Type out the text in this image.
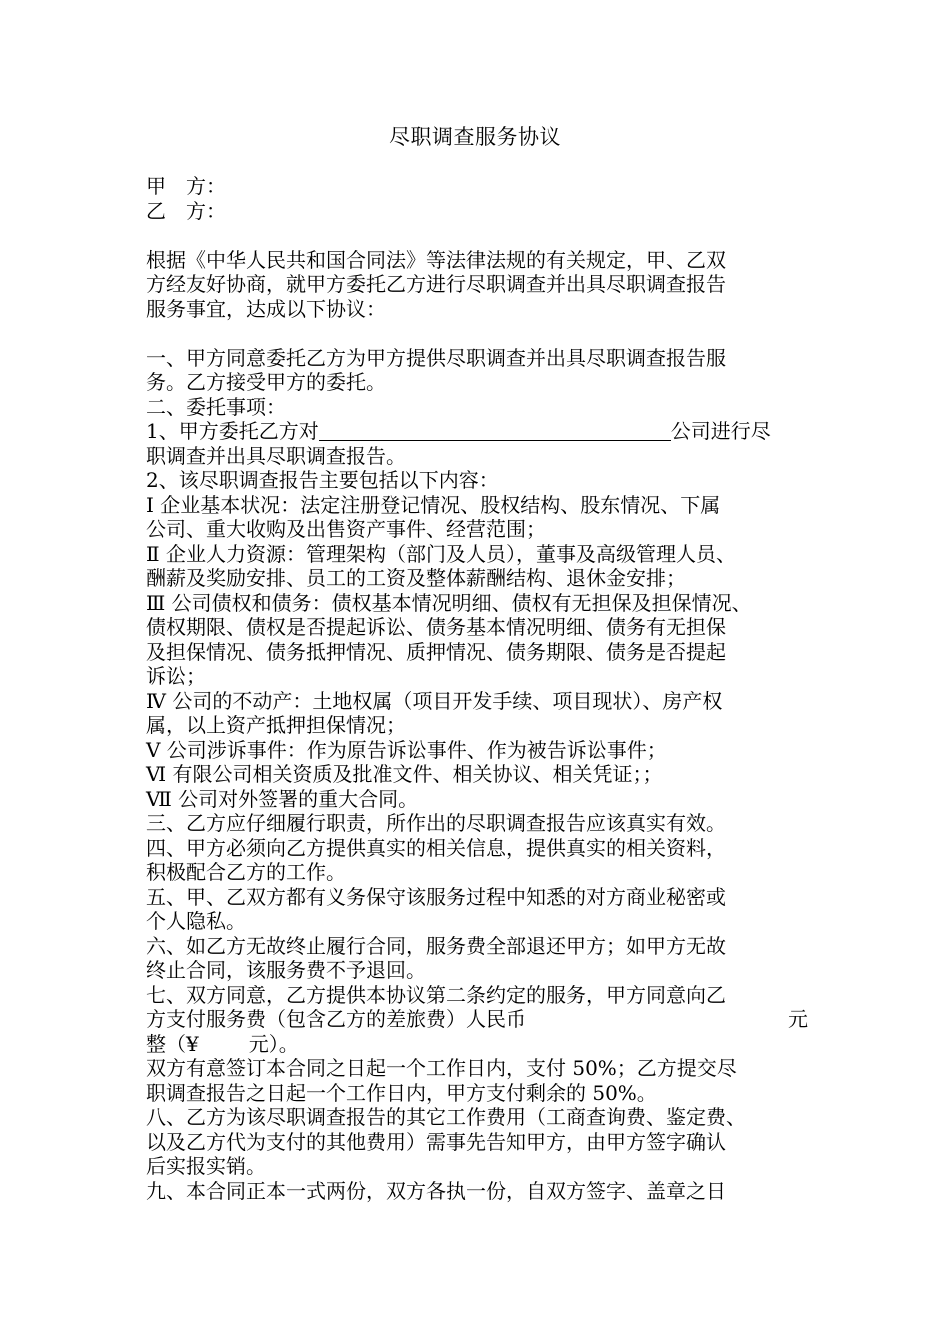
尽职调查服务协议
甲　方：
乙　方：
根据《中华人民共和国合同法》等法律法规的有关规定，甲、乙双
方经友好协商，就甲方委托乙方进行尽职调查并出具尽职调查报告
服务事宜，达成以下协议：
一、甲方同意委托乙方为甲方提供尽职调查并出具尽职调查报告服
务。乙方接受甲方的委托。
二、委托事项：
1、甲方委托乙方对	公司进行尽
职调查并出具尽职调查报告。
2、该尽职调查报告主要包括以下内容：
Ⅰ 企业基本状况：法定注册登记情况、股权结构、股东情况、下属
公司、重大收购及出售资产事件、经营范围；
Ⅱ 企业人力资源：管理架构（部门及人员），董事及高级管理人员、
酬薪及奖励安排、员工的工资及整体薪酬结构、退休金安排；
Ⅲ 公司债权和债务：债权基本情况明细、债权有无担保及担保情况、
债权期限、债权是否提起诉讼、债务基本情况明细、债务有无担保
及担保情况、债务抵押情况、质押情况、债务期限、债务是否提起
诉讼；
Ⅳ 公司的不动产：土地权属（项目开发手续、项目现状）、房产权
属，以上资产抵押担保情况；
Ⅴ 公司涉诉事件：作为原告诉讼事件、作为被告诉讼事件；
Ⅵ 有限公司相关资质及批准文件、相关协议、相关凭证；；
Ⅶ 公司对外签署的重大合同。
三、乙方应仔细履行职责，所作出的尽职调查报告应该真实有效。
四、甲方必须向乙方提供真实的相关信息，提供真实的相关资料，
积极配合乙方的工作。
五、甲、乙双方都有义务保守该服务过程中知悉的对方商业秘密或
个人隐私。
六、如乙方无故终止履行合同，服务费全部退还甲方；如甲方无故
终止合同，该服务费不予退回。
七、双方同意，乙方提供本协议第二条约定的服务，甲方同意向乙
方支付服务费（包含乙方的差旅费）人民币	元
整（¥	元）。
双方有意签订本合同之日起一个工作日内，支付 50%；乙方提交尽
职调查报告之日起一个工作日内，甲方支付剩余的 50%。
八、乙方为该尽职调查报告的其它工作费用（工商查询费、鉴定费、
以及乙方代为支付的其他费用）需事先告知甲方，由甲方签字确认
后实报实销。
九、本合同正本一式两份，双方各执一份，自双方签字、盖章之日
